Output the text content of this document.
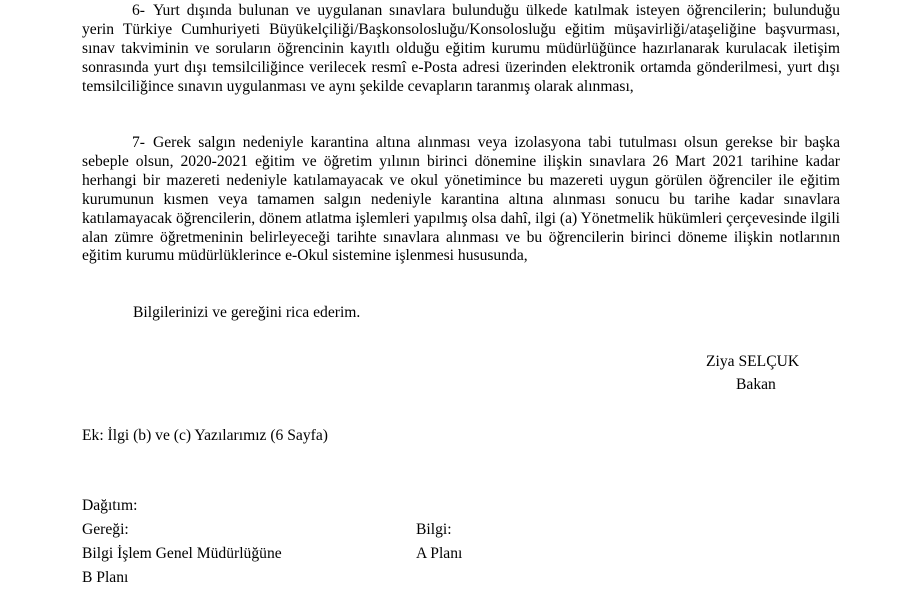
6- Yurt dışında bulunan ve uygulanan sınavlara bulunduğu ülkede katılmak isteyen öğrencilerin; bulunduğu yerin Türkiye Cumhuriyeti Büyükelçiliği/Başkonsolosluğu/Konsolosluğu eğitim müşavirliği/ataşeliğine başvurması, sınav takviminin ve soruların öğrencinin kayıtlı olduğu eğitim kurumu müdürlüğünce hazırlanarak kurulacak iletişim sonrasında yurt dışı temsilciliğince verilecek resmî e-Posta adresi üzerinden elektronik ortamda gönderilmesi, yurt dışı temsilciliğince sınavın uygulanması ve aynı şekilde cevapların taranmış olarak alınması,

7- Gerek salgın nedeniyle karantina altına alınması veya izolasyona tabi tutulması olsun gerekse bir başka sebeple olsun, 2020-2021 eğitim ve öğretim yılının birinci dönemine ilişkin sınavlara 26 Mart 2021 tarihine kadar herhangi bir mazereti nedeniyle katılamayacak ve okul yönetimince bu mazereti uygun görülen öğrenciler ile eğitim kurumunun kısmen veya tamamen salgın nedeniyle karantina altına alınması sonucu bu tarihe kadar sınavlara katılamayacak öğrencilerin, dönem atlatma işlemleri yapılmış olsa dahî, ilgi (a) Yönetmelik hükümleri çerçevesinde ilgili alan zümre öğretmeninin belirleyeceği tarihte sınavlara alınması ve bu öğrencilerin birinci döneme ilişkin notlarının eğitim kurumu müdürlüklerince e-Okul sistemine işlenmesi hususunda,

Bilgilerinizi ve gereğini rica ederim.

Ziya SELÇUK

Bakan

Ek: İlgi (b) ve (c) Yazılarımız (6 Sayfa)

Dağıtım:

Gereği:	Bilgi:

Bilgi İşlem Genel Müdürlüğüne	A Planı

B Planı
